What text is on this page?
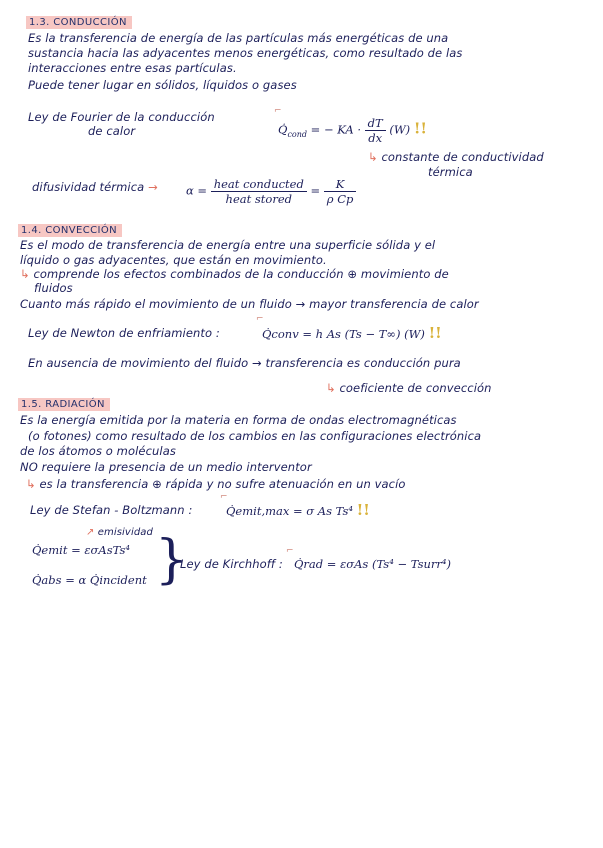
1.3. CONDUCCIÓN
Es la transferencia de energía de las partículas más energéticas de una
sustancia hacia las adyacentes menos energéticas, como resultado de las
interacciones entre esas partículas.
Puede tener lugar en sólidos, líquidos o gases
Ley de Fourier de la conducción
de calor
⌐
$Q̇_{cond}$ = − KA · $\frac{dT}{dx} (W)$ !!
↳ constante de conductividad
térmica
difusividad térmica → $\alpha = \frac{\text{heat conducted}}{\text{heat stored}} = \frac{K}{\text{ρ Cp}}$
1.4. CONVECCIÓN
Es el modo de transferencia de energía entre una superficie sólida y el
líquido o gas adyacentes, que están en movimiento.
↳ comprende los efectos combinados de la conducción ⊕ movimiento de
fluidos
Cuanto más rápido el movimiento de un fluido → mayor transferencia de calor
Ley de Newton de enfriamiento :
⌐
Q̇conv = h As (Ts − T∞) (W) !!
En ausencia de movimiento del fluido → transferencia es conducción pura
↳ coeficiente de convección
1.5. RADIACIÓN
Es la energía emitida por la materia en forma de ondas electromagnéticas
(o fotones) como resultado de los cambios en las configuraciones electrónica
de los átomos o moléculas
NO requiere la presencia de un medio interventor
↳ es la transferencia ⊕ rápida y no sufre atenuación en un vacío
Ley de Stefan - Boltzmann :
⌐
Q̇emit,max = σ As Ts⁴ !!
↗ emisividad
Q̇emit = εσAsTs⁴
Q̇abs = α Q̇incident }
Ley de Kirchhoff :
⌐
Q̇rad = εσAs (Ts⁴ − Tsurr⁴)
